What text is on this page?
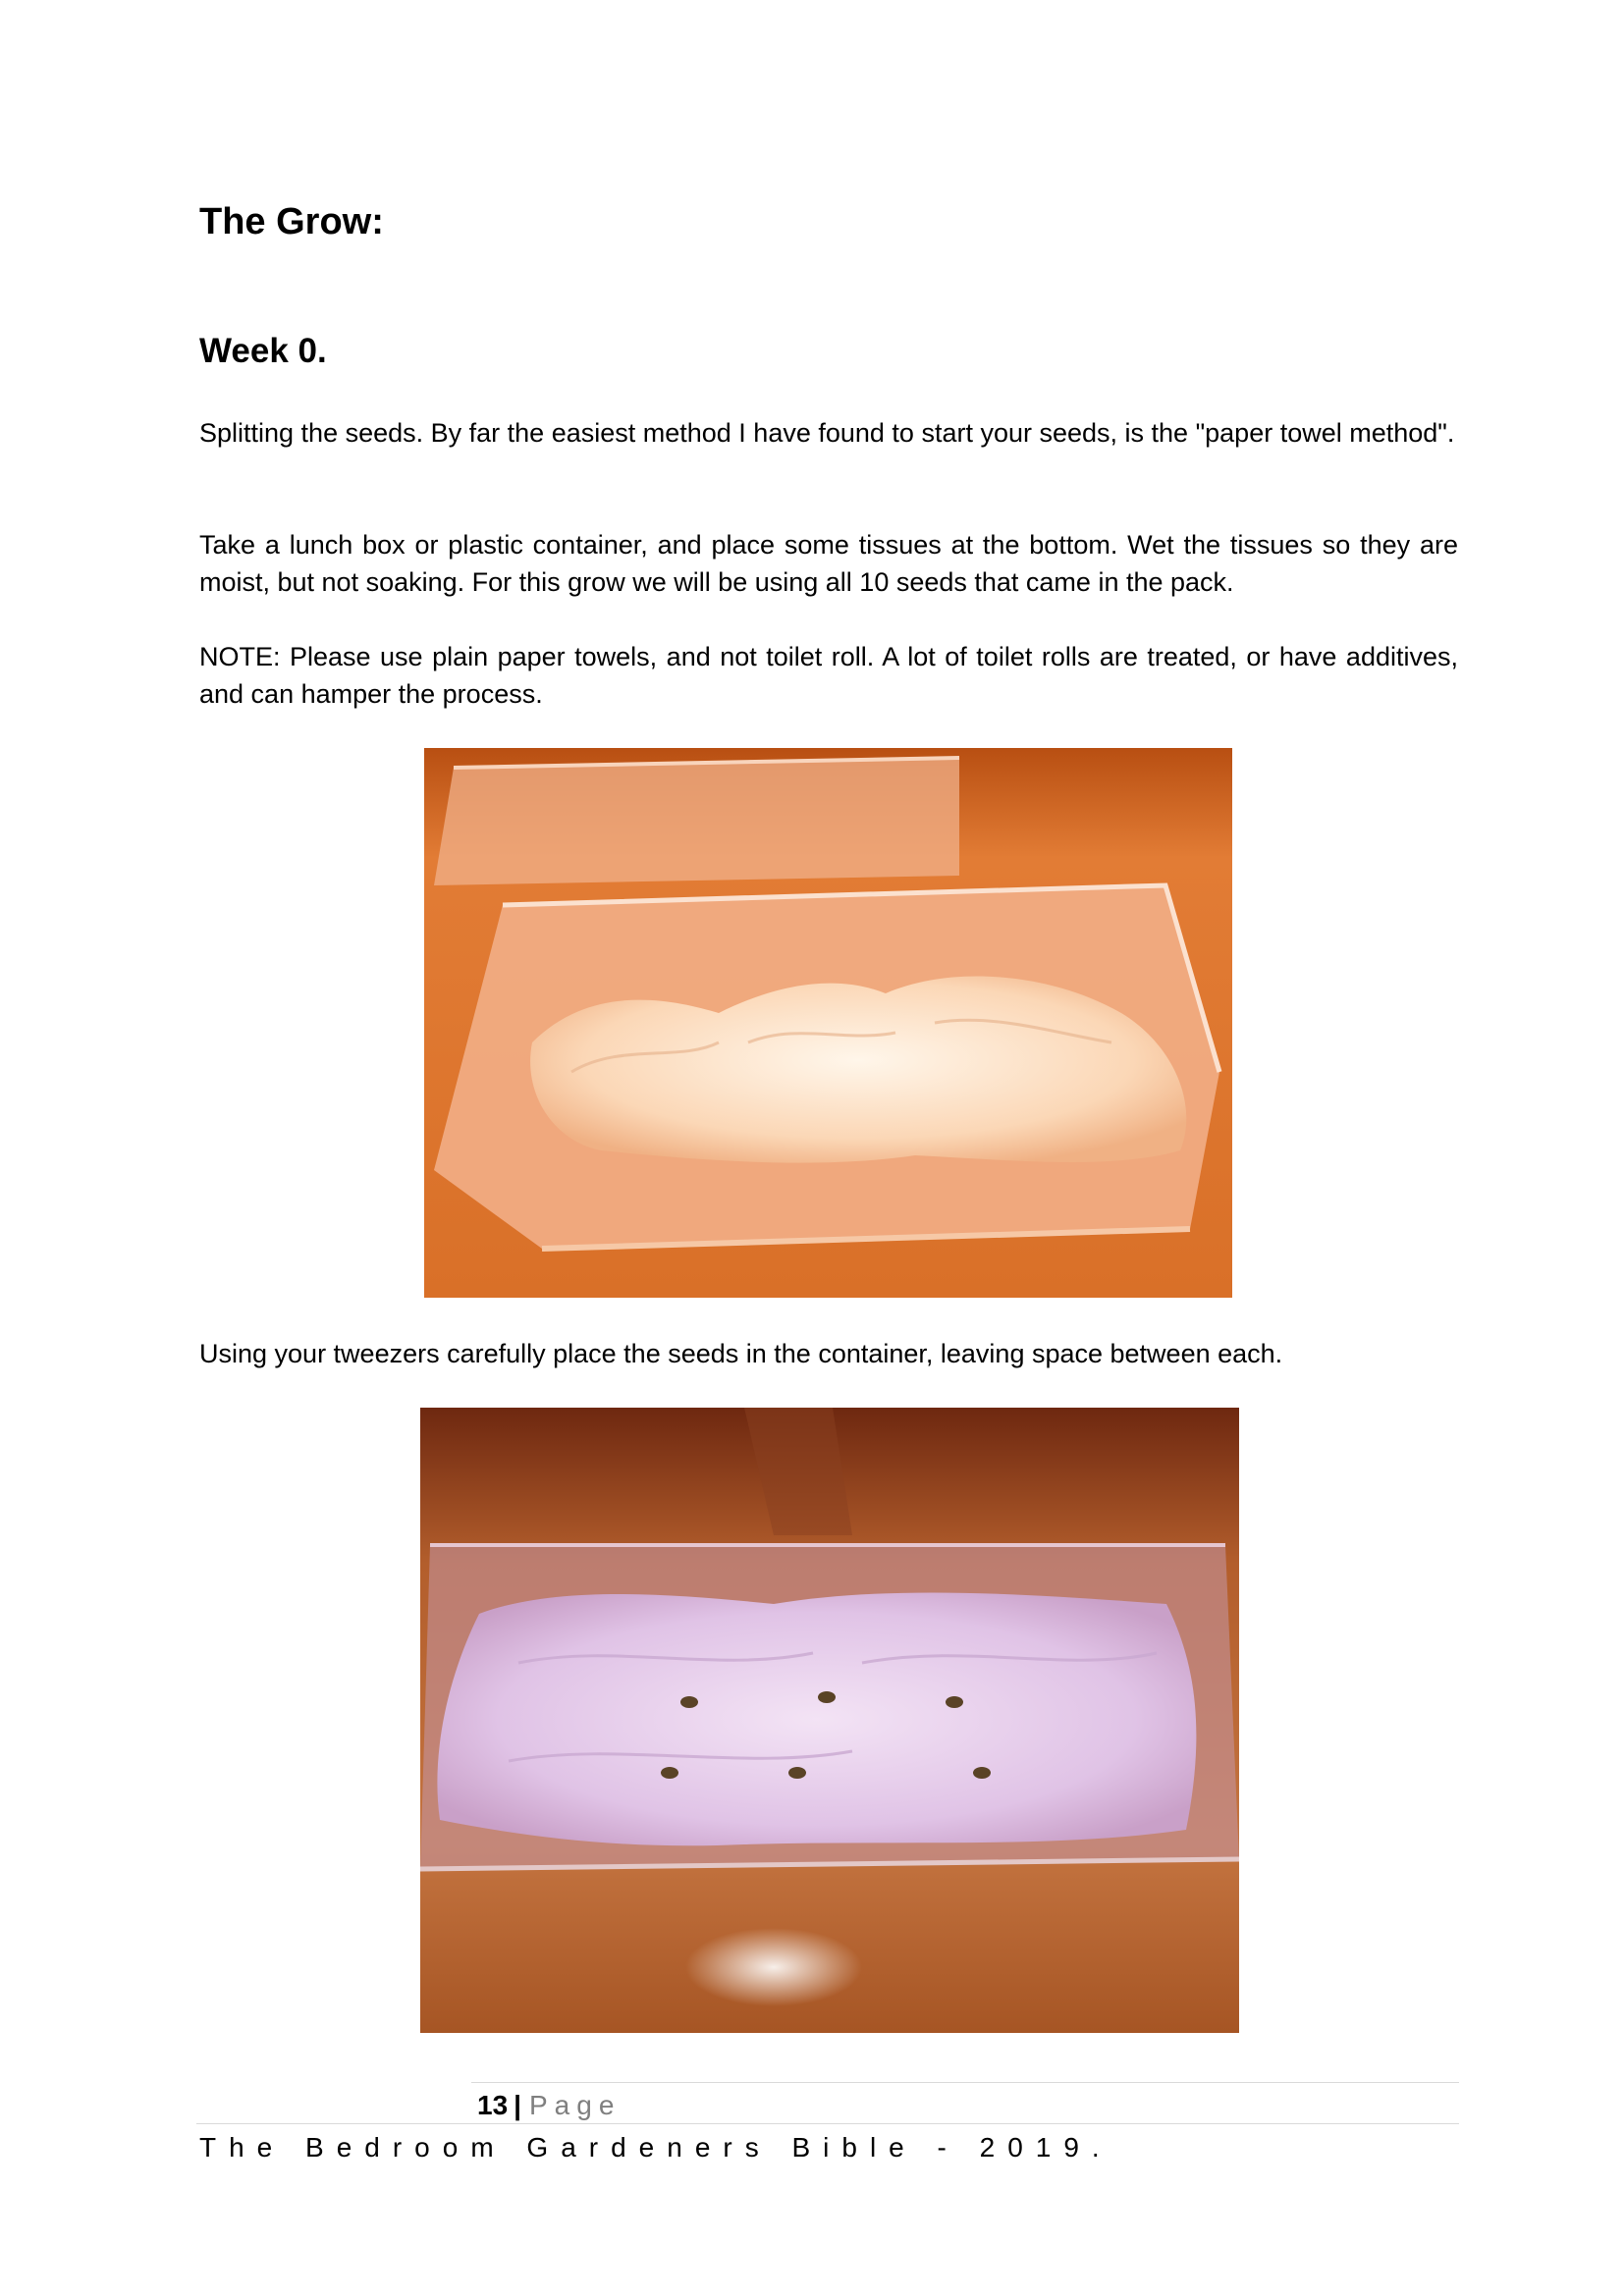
The Grow:
Week 0.

Splitting the seeds. By far the easiest method I have found to start your seeds, is the "paper towel method".

Take a lunch box or plastic container, and place some tissues at the bottom. Wet the tissues so they are moist, but not soaking. For this grow we will be using all 10 seeds that came in the pack.

NOTE: Please use plain paper towels, and not toilet roll. A lot of toilet rolls are treated, or have additives, and can hamper the process.

Using your tweezers carefully place the seeds in the container, leaving space between each.

13 | Page
The Bedroom Gardeners Bible - 2019.
